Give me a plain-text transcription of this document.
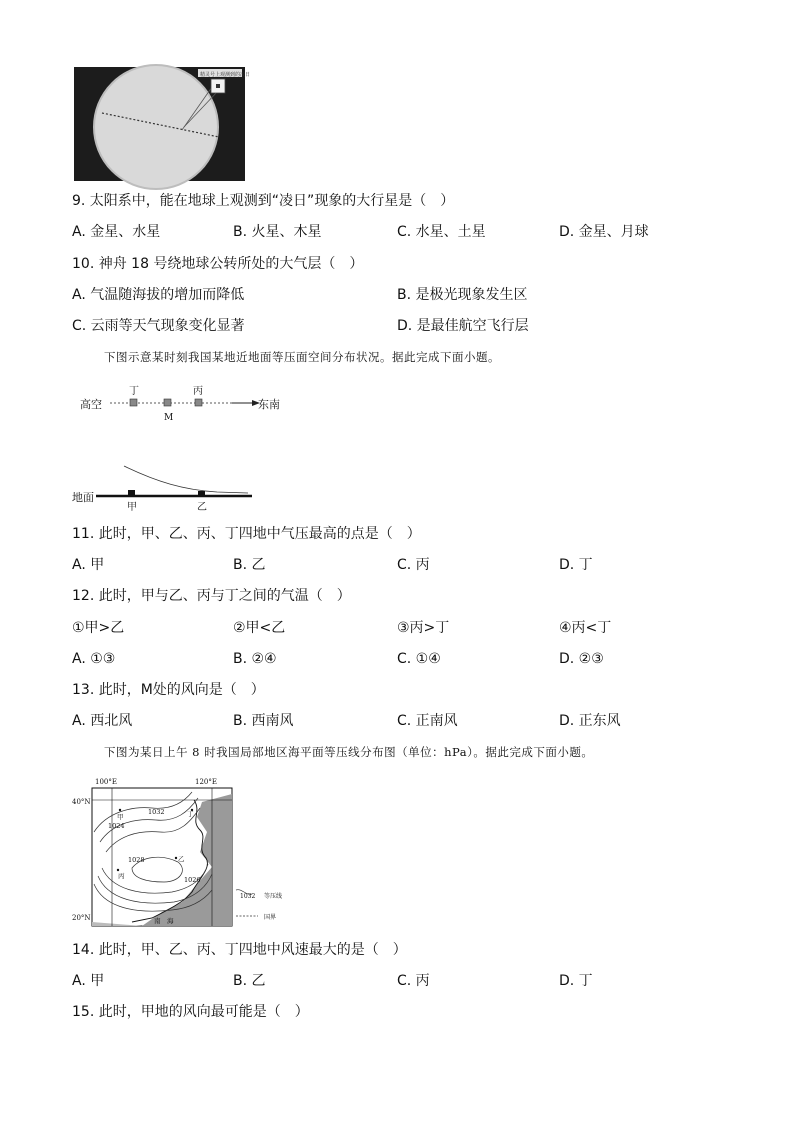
精灵号上观测到的凌日
9. 太阳系中，能在地球上观测到“凌日”现象的大行星是（　）
A. 金星、水星	B. 火星、木星	C. 水星、土星	D. 金星、月球
10. 神舟 18 号绕地球公转所处的大气层（　）
A. 气温随海拔的增加而降低	B. 是极光现象发生区
C. 云雨等天气现象变化显著	D. 是最佳航空飞行层
下图示意某时刻我国某地近地面等压面空间分布状况。据此完成下面小题。
高空	东南
丁
M
丙
地面
甲	乙
11. 此时，甲、乙、丙、丁四地中气压最高的点是（　）
A. 甲	B. 乙	C. 丙	D. 丁
12. 此时，甲与乙、丙与丁之间的气温（　）
①甲>乙	②甲<乙	③丙>丁	④丙<丁
A. ①③	B. ②④	C. ①④	D. ②③
13. 此时，M处的风向是（　）
A. 西北风	B. 西南风	C. 正南风	D. 正东风
下图为某日上午 8 时我国局部地区海平面等压线分布图（单位：hPa）。据此完成下面小题。
100°E	120°E
40°N
20°N
1032
1024
1028
1026
甲
乙
丙
丁
南　海
1032 等压线
国界
14. 此时，甲、乙、丙、丁四地中风速最大的是（　）
A. 甲	B. 乙	C. 丙	D. 丁
15. 此时，甲地的风向最可能是（　）
